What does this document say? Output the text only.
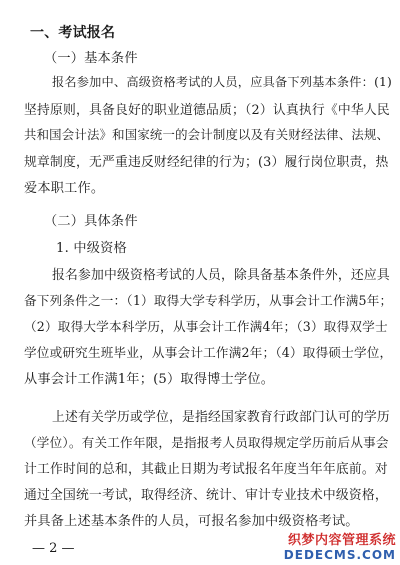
一、考试报名
（一）基本条件
报名参加中、高级资格考试的人员，应具备下列基本条件：(1)
坚持原则，具备良好的职业道德品质；（2）认真执行《中华人民
共和国会计法》和国家统一的会计制度以及有关财经法律、法规、
规章制度，无严重违反财经纪律的行为；(3）履行岗位职责，热
爱本职工作。
（二）具体条件
1. 中级资格
报名参加中级资格考试的人员，除具备基本条件外，还应具
备下列条件之一：（1）取得大学专科学历，从事会计工作满5年；
（2）取得大学本科学历，从事会计工作满4年；（3）取得双学士
学位或研究生班毕业，从事会计工作满2年；（4）取得硕士学位，
从事会计工作满1年；(5）取得博士学位。
上述有关学历或学位，是指经国家教育行政部门认可的学历
（学位）。有关工作年限，是指报考人员取得规定学历前后从事会
计工作时间的总和，其截止日期为考试报名年度当年年底前。对
通过全国统一考试，取得经济、统计、审计专业技术中级资格，
并具备上述基本条件的人员，可报名参加中级资格考试。
— 2 —
织梦内容管理系统
DEDECMS.COM
